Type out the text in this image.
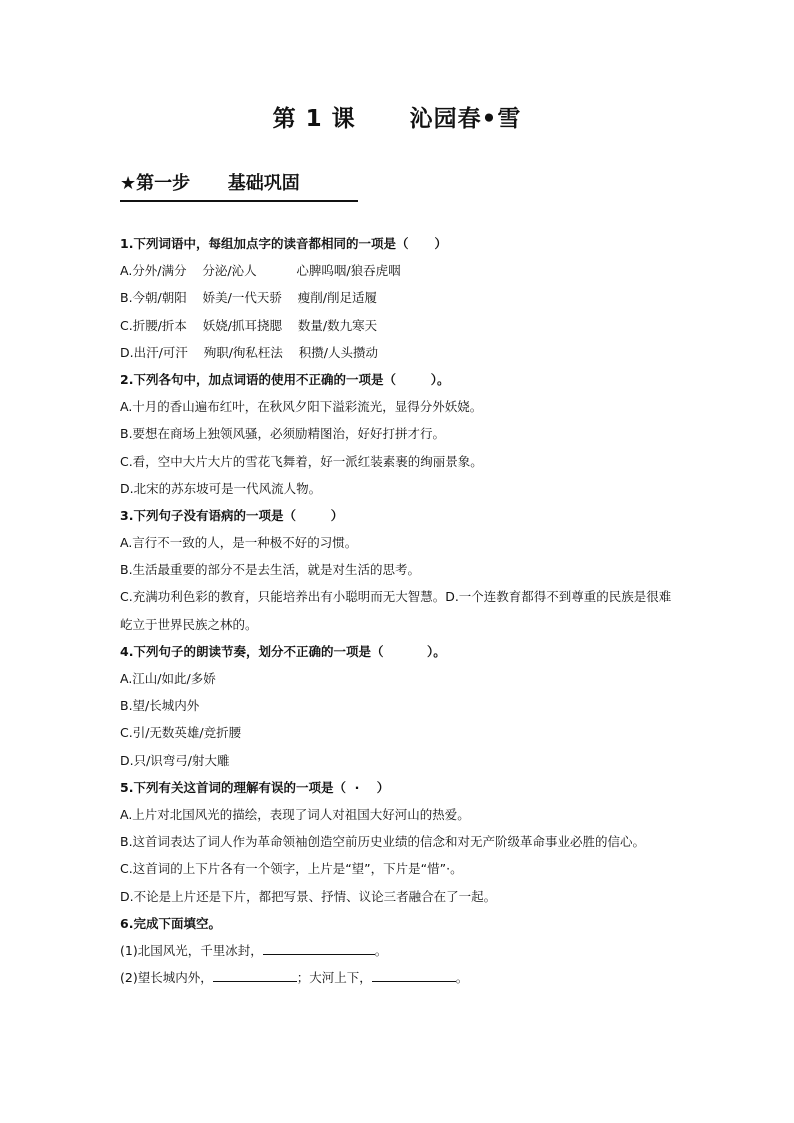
第 1 课      沁园春•雪
★第一步      基础巩固
1.下列词语中，每组加点字的读音都相同的一项是（      ）
A.分外/满分    分泌/沁人          心脾呜咽/狼吞虎咽
B.今朝/朝阳    娇美/一代天骄    瘦削/削足适履
C.折腰/折本    妖娆/抓耳挠腮    数量/数九寒天
D.出汗/可汗    殉职/徇私枉法    积攒/人头攒动
2.下列各句中，加点词语的使用不正确的一项是（        ）。
A.十月的香山遍布红叶，在秋风夕阳下溢彩流光，显得分外妖娆。
B.要想在商场上独领风骚，必须励精图治，好好打拼才行。
C.看，空中大片大片的雪花飞舞着，好一派红装素裹的绚丽景象。
D.北宋的苏东坡可是一代风流人物。
3.下列句子没有语病的一项是（        ）
A.言行不一致的人，是一种极不好的习惯。
B.生活最重要的部分不是去生活，就是对生活的思考。
C.充满功利色彩的教育，只能培养出有小聪明而无大智慧。D.一个连教育都得不到尊重的民族是很难屹立于世界民族之林的。
4.下列句子的朗读节奏，划分不正确的一项是（          ）。
A.江山/如此/多娇
B.望/长城内外
C.引/无数英雄/竞折腰
D.只/识弯弓/射大雕
5.下列有关这首词的理解有误的一项是（  ·    ）
A.上片对北国风光的描绘，表现了词人对祖国大好河山的热爱。
B.这首词表达了词人作为革命领袖创造空前历史业绩的信念和对无产阶级革命事业必胜的信心。
C.这首词的上下片各有一个领字，上片是“望”，下片是“惜”·。
D.不论是上片还是下片，都把写景、抒情、议论三者融合在了一起。
6.完成下面填空。
(1)北国风光，千里冰封，	。
(2)望长城内外，	；大河上下，	。
